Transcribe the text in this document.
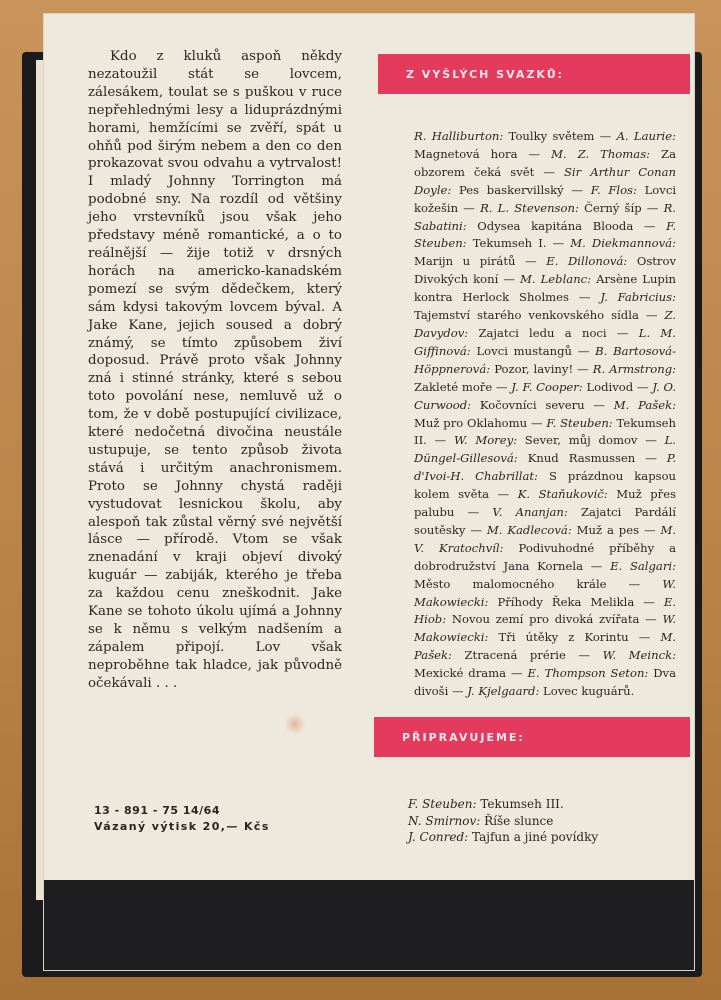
Kdo z kluků aspoň někdy nezatoužil stát se lovcem, zálesákem, toulat se s puškou v ruce nepřehlednými lesy a liduprázdnými horami, hemžícími se zvěří, spát u ohňů pod širým nebem a den co den prokazovat svou odvahu a vytrvalost! I mladý Johnny Torrington má podobné sny. Na rozdíl od většiny jeho vrstevníků jsou však jeho představy méně romantické, a o to reálnější — žije totiž v drsných horách na americko-kanadském pomezí se svým dědečkem, který sám kdysi takovým lovcem býval. A Jake Kane, jejich soused a dobrý známý, se tímto způsobem živí doposud. Právě proto však Johnny zná i stinné stránky, které s sebou toto povolání nese, nemluvě už o tom, že v době postupující civilizace, které nedočetná divočina neustále ustupuje, se tento způsob života stává i určitým anachronismem. Proto se Johnny chystá raději vystudovat lesnickou školu, aby alespoň tak zůstal věrný své největší lásce — přírodě. Vtom se však znenadání v kraji objeví divoký kuguár — zabiják, kterého je třeba za každou cenu zneškodnit. Jake Kane se tohoto úkolu ujímá a Johnny se k němu s velkým nadšením a zápalem připojí. Lov však neproběhne tak hladce, jak původně očekávali . . .

Z VYŠLÝCH SVAZKŮ:

R. Halliburton: Toulky světem — A. Laurie: Magnetová hora — M. Z. Thomas: Za obzorem čeká svět — Sir Arthur Conan Doyle: Pes baskervillský — F. Flos: Lovci kožešin — R. L. Stevenson: Černý šíp — R. Sabatini: Odysea kapitána Blooda — F. Steuben: Tekumseh I. — M. Diekmannová: Marijn u pirátů — E. Dillonová: Ostrov Divokých koní — M. Leblanc: Arsène Lupin kontra Herlock Sholmes — J. Fabricius: Tajemství starého venkovského sídla — Z. Davydov: Zajatci ledu a noci — L. M. Giffinová: Lovci mustangů — B. Bartosová-Höppnerová: Pozor, laviny! — R. Armstrong: Zakleté moře — J. F. Cooper: Lodivod — J. O. Curwood: Kočovníci severu — M. Pašek: Muž pro Oklahomu — F. Steuben: Tekumseh II. — W. Morey: Sever, můj domov — L. Düngel-Gillesová: Knud Rasmussen — P. d'Ivoi-H. Chabrillat: S prázdnou kapsou kolem světa — K. Staňukovič: Muž přes palubu — V. Ananjan: Zajatci Pardálí soutěsky — M. Kadlecová: Muž a pes — M. V. Kratochvíl: Podivuhodné příběhy a dobrodružství Jana Kornela — E. Salgari: Město malomocného krále — W. Makowiecki: Příhody Řeka Melikla — E. Hiob: Novou zemí pro divoká zvířata — W. Makowiecki: Tři útěky z Korintu — M. Pašek: Ztracená prérie — W. Meinck: Mexické drama — E. Thompson Seton: Dva divoši — J. Kjelgaard: Lovec kuguárů.

PŘIPRAVUJEME:
F. Steuben: Tekumseh III.
N. Smirnov: Říše slunce
J. Conred: Tajfun a jiné povídky
13 - 891 - 75 14/64
Vázaný výtisk 20,— Kčs
